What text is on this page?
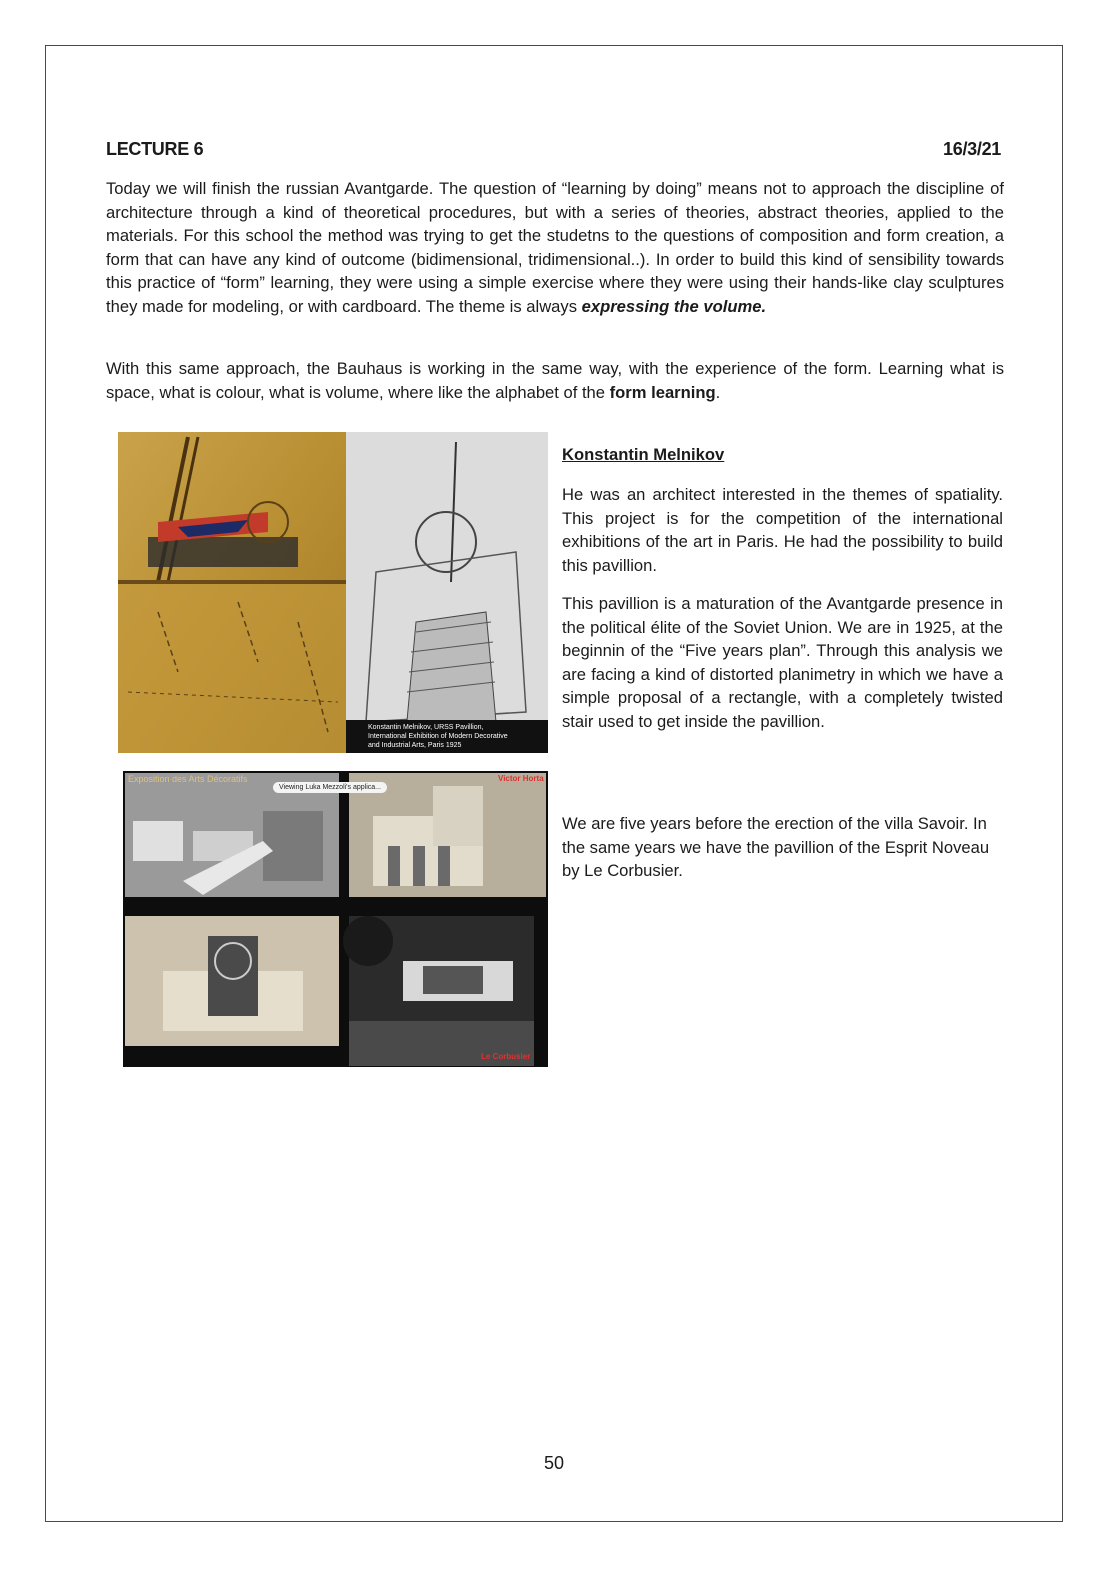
LECTURE 6	16/3/21

Today we will finish the russian Avantgarde. The question of “learning by doing” means not to approach the discipline of architecture through a kind of theoretical procedures, but with a series of theories, abstract theories, applied to the materials. For this school the method was trying to get the studetns to the questions of composition and form creation, a form that can have any kind of outcome (bidimensional, tridimensional..). In order to build this kind of sensibility towards this practice of “form” learning, they were using a simple exercise where they were using their hands-like clay sculptures they made for modeling, or with cardboard. The theme is always expressing the volume.

With this same approach, the Bauhaus is working in the same way, with the experience of the form. Learning what is space, what is colour, what is volume, where like the alphabet of the form learning.

Konstantin Melnikov, URSS Pavillion,
International Exhibition of Modern Decorative
and Industrial Arts, Paris 1925
Exposition des Arts Décoratifs
Viewing Luka Mezzoli's applica...
Victor Horta
Le Corbusier
Konstantin Melnikov

He was an architect interested in the themes of spatiality. This project is for the competition of the international exhibitions of the art in Paris. He had the possibility to build this pavillion.

This pavillion is a maturation of the Avantgarde presence in the political élite of the Soviet Union. We are in 1925, at the beginnin of the “Five years plan”. Through this analysis we are facing a kind of distorted planimetry in which we have a simple proposal of a rectangle, with a completely twisted stair used to get inside the pavillion.

We are five years before the erection of the villa Savoir. In the same years we have the pavillion of the Esprit Noveau by Le Corbusier.

50
